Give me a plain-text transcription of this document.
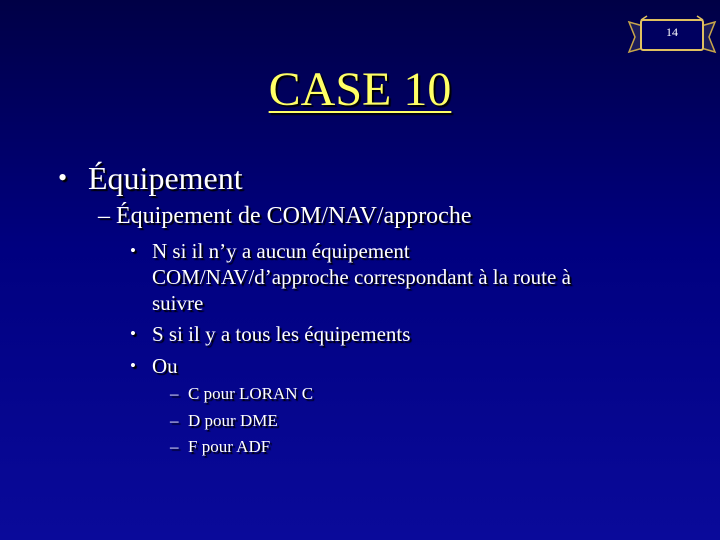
14
CASE 10
• Équipement
– Équipement de COM/NAV/approche
• N si il n’y a aucun équipement
COM/NAV/d’approche correspondant à la route à
suivre
• S si il y a tous les équipements
• Ou
– C pour LORAN C
– D pour DME
– F pour ADF
